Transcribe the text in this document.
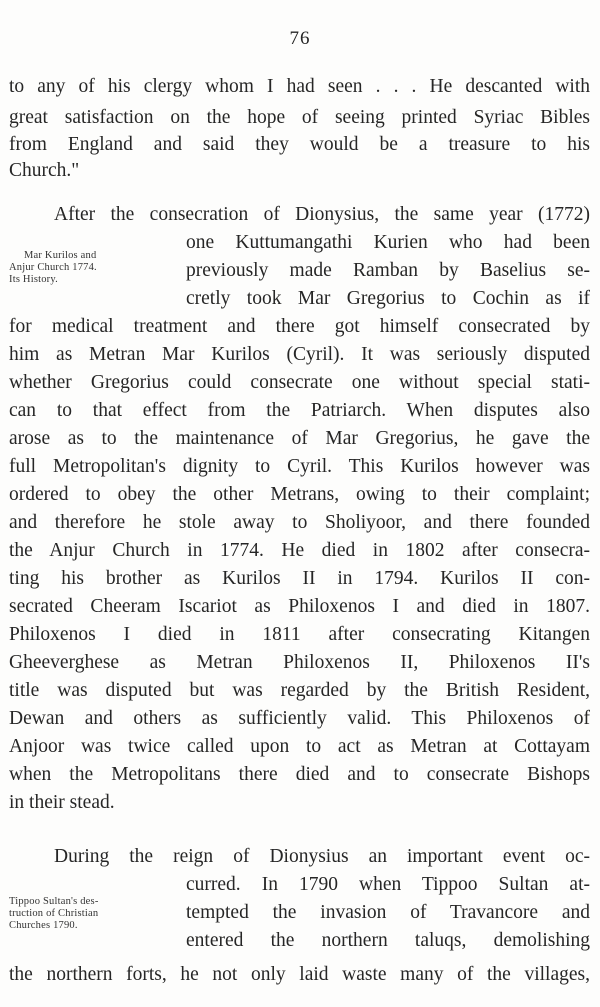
76
to any of his clergy whom I had seen . . . He descanted with
great satisfaction on the hope of seeing printed Syriac Bibles
from England and said they would be a treasure to his
Church."
After the consecration of Dionysius, the same year (1772)
one Kuttumangathi Kurien who had been
previously made Ramban by Baselius se-
cretly took Mar Gregorius to Cochin as if
for medical treatment and there got himself consecrated by
him as Metran Mar Kurilos (Cyril). It was seriously disputed
whether Gregorius could consecrate one without special stati-
can to that effect from the Patriarch. When disputes also
arose as to the maintenance of Mar Gregorius, he gave the
full Metropolitan's dignity to Cyril. This Kurilos however was
ordered to obey the other Metrans, owing to their complaint;
and therefore he stole away to Sholiyoor, and there founded
the Anjur Church in 1774. He died in 1802 after consecra-
ting his brother as Kurilos II in 1794. Kurilos II con-
secrated Cheeram Iscariot as Philoxenos I and died in 1807.
Philoxenos I died in 1811 after consecrating Kitangen
Gheeverghese as Metran Philoxenos II, Philoxenos II's
title was disputed but was regarded by the British Resident,
Dewan and others as sufficiently valid. This Philoxenos of
Anjoor was twice called upon to act as Metran at Cottayam
when the Metropolitans there died and to consecrate Bishops
in their stead.
During the reign of Dionysius an important event oc-
curred. In 1790 when Tippoo Sultan at-
tempted the invasion of Travancore and
entered the northern taluqs, demolishing
the northern forts, he not only laid waste many of the villages,
Mar Kurilos and
Anjur Church 1774.
Its History.
Tippoo Sultan's des-
truction of Christian
Churches 1790.
